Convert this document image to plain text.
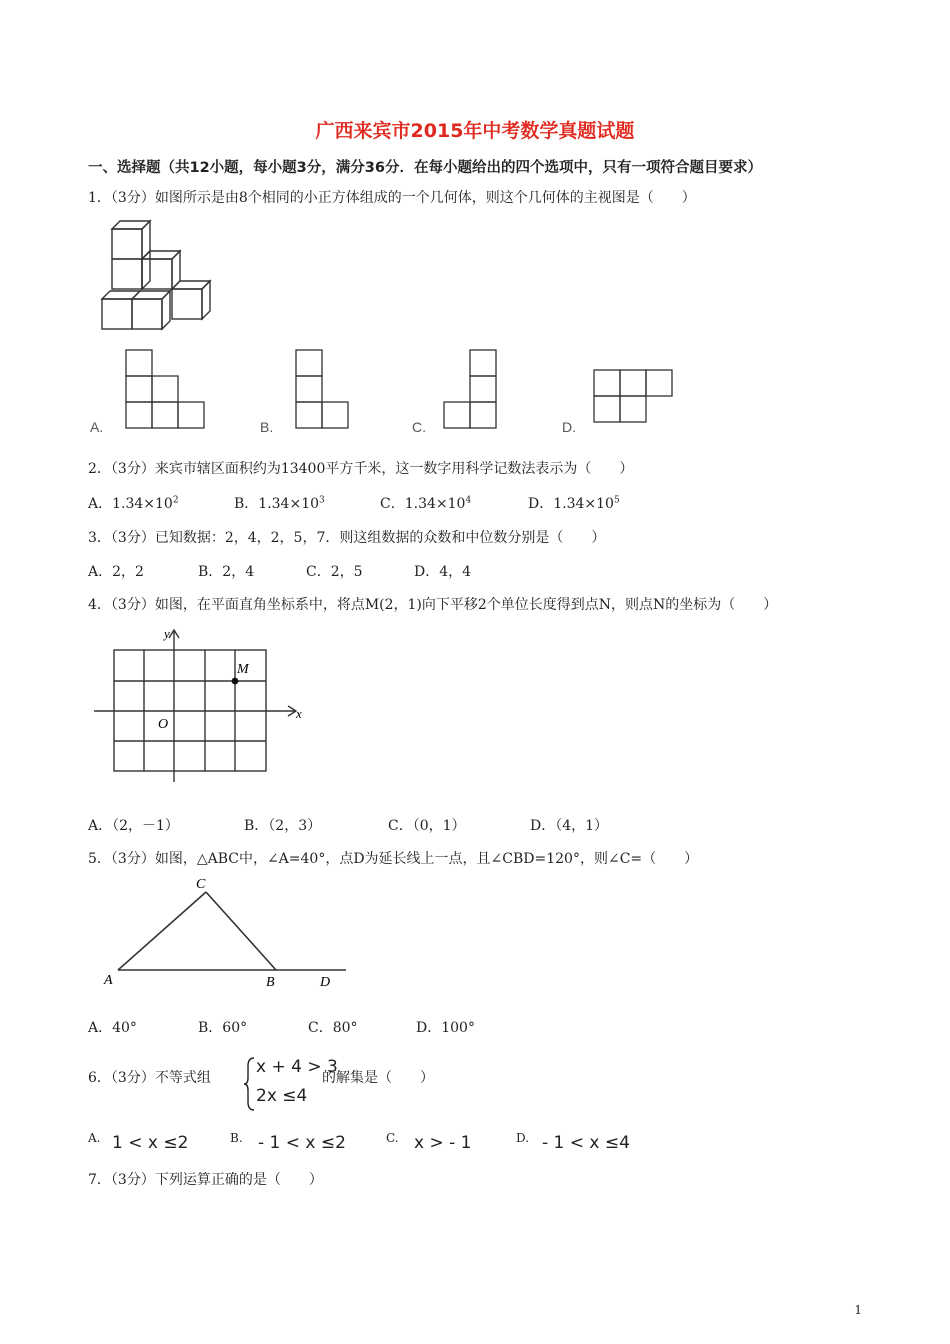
广西来宾市2015年中考数学真题试题
一、选择题（共12小题，每小题3分，满分36分．在每小题给出的四个选项中，只有一项符合题目要求）
1．（3分）如图所示是由8个相同的小正方体组成的一个几何体，则这个几何体的主视图是（　　）
A.	B.	C.	D.
2．（3分）来宾市辖区面积约为13400平方千米，这一数字用科学记数法表示为（　　）
A．$1.34\times 10^2$	B．$1.34\times 10^3$	C．$1.34\times 10^4$	D．$1.34\times 10^5$
3．（3分）已知数据：2，4，2，5，7．则这组数据的众数和中位数分别是（　　）
A．2，2	B．2，4	C．2，5	D．4，4
4．（3分）如图，在平面直角坐标系中，将点M(2，1)向下平移2个单位长度得到点N，则点N的坐标为（　　）
y
x
O
M
A．（2，－1）	B．（2，3）	C．（0，1）	D．（4，1）
5．（3分）如图，△ABC中，∠A=40°，点D为延长线上一点，且∠CBD=120°，则∠C=（　　）
A	B
C
D
A．40°	B．60°	C．80°	D．100°
6．（3分）不等式组
x + 4 > 3
2x ≤4
的解集是（　　）
A. 1 < x ≤2	B. - 1 < x ≤2	C. x > - 1	D. - 1 < x ≤4
7．（3分）下列运算正确的是（　　）
1
